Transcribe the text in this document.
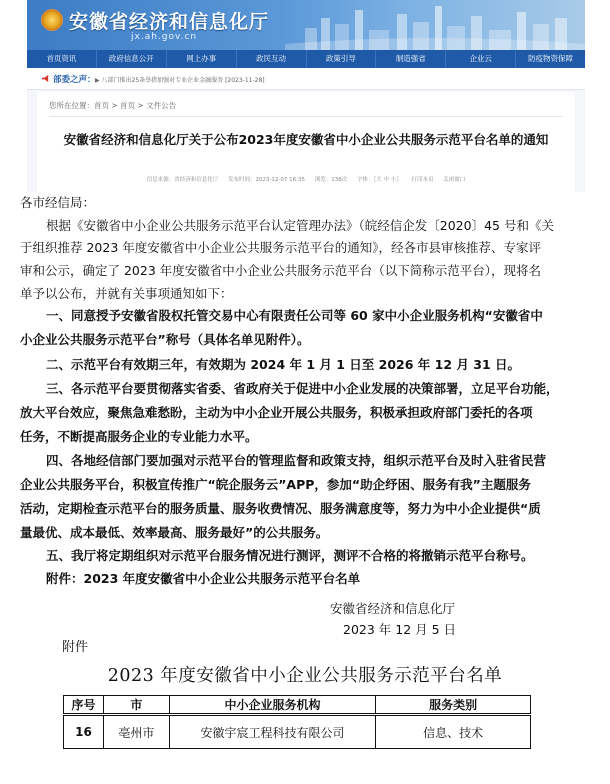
安徽省经济和信息化厅
jx.ah.gov.cn
首页资讯	政府信息公开	网上办事	政民互动	政策引导	制造强省	企业云	防疫物资保障
部委之声： ▶ 八部门推出25条举措加强对专业企业金融服务 [2023-11-28]
您所在位置：首页 > 首页 > 文件公告
安徽省经济和信息化厅关于公布2023年度安徽省中小企业公共服务示范平台名单的通知
信息来源：省经济和信息化厅 发布时间：2023-12-07 16:35 浏览：138次 字体：〖大 中 小〗 打印本页 关闭窗口
各市经信局：
根据《安徽省中小企业公共服务示范平台认定管理办法》（皖经信企发〔2020〕45 号和《关
于组织推荐 2023 年度安徽省中小企业公共服务示范平台的通知》，经各市县审核推荐、专家评
审和公示，确定了 2023 年度安徽省中小企业公共服务示范平台（以下简称示范平台），现将名
单予以公布，并就有关事项通知如下：
一、同意授予安徽省股权托管交易中心有限责任公司等 60 家中小企业服务机构“安徽省中
小企业公共服务示范平台”称号（具体名单见附件）。
二、示范平台有效期三年，有效期为 2024 年 1 月 1 日至 2026 年 12 月 31 日。
三、各示范平台要贯彻落实省委、省政府关于促进中小企业发展的决策部署，立足平台功能，
放大平台效应，聚焦急难愁盼，主动为中小企业开展公共服务，积极承担政府部门委托的各项
任务，不断提高服务企业的专业能力水平。
四、各地经信部门要加强对示范平台的管理监督和政策支持，组织示范平台及时入驻省民营
企业公共服务平台，积极宣传推广“皖企服务云”APP，参加“助企纾困、服务有我”主题服务
活动，定期检查示范平台的服务质量、服务收费情况、服务满意度等，努力为中小企业提供“质
量最优、成本最低、效率最高、服务最好”的公共服务。
五、我厅将定期组织对示范平台服务情况进行测评，测评不合格的将撤销示范平台称号。
附件：2023 年度安徽省中小企业公共服务示范平台名单
安徽省经济和信息化厅
2023 年 12 月 5 日
附件
2023 年度安徽省中小企业公共服务示范平台名单
序号	市	中小企业服务机构	服务类别
16	亳州市	安徽宇宸工程科技有限公司	信息、技术
